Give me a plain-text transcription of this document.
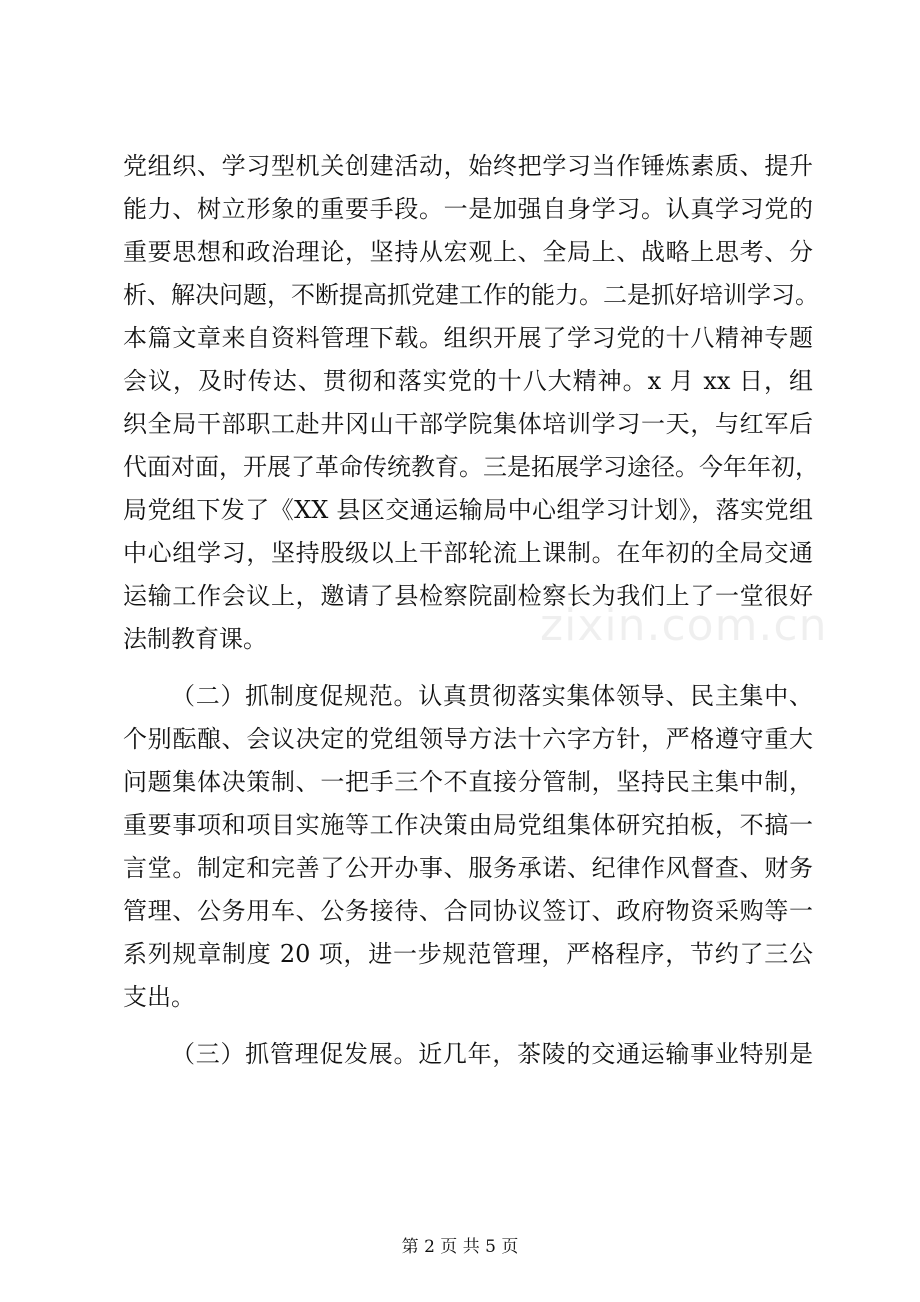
党组织、学习型机关创建活动，始终把学习当作锤炼素质、提升
能力、树立形象的重要手段。一是加强自身学习。认真学习党的
重要思想和政治理论，坚持从宏观上、全局上、战略上思考、分
析、解决问题，不断提高抓党建工作的能力。二是抓好培训学习。
本篇文章来自资料管理下载。组织开展了学习党的十八精神专题
会议，及时传达、贯彻和落实党的十八大精神。x 月 xx 日，组
织全局干部职工赴井冈山干部学院集体培训学习一天，与红军后
代面对面，开展了革命传统教育。三是拓展学习途径。今年年初，
局党组下发了《XX 县区交通运输局中心组学习计划》，落实党组
中心组学习，坚持股级以上干部轮流上课制。在年初的全局交通
运输工作会议上，邀请了县检察院副检察长为我们上了一堂很好
法制教育课。
（二）抓制度促规范。认真贯彻落实集体领导、民主集中、
个别酝酿、会议决定的党组领导方法十六字方针，严格遵守重大
问题集体决策制、一把手三个不直接分管制，坚持民主集中制，
重要事项和项目实施等工作决策由局党组集体研究拍板，不搞一
言堂。制定和完善了公开办事、服务承诺、纪律作风督查、财务
管理、公务用车、公务接待、合同协议签订、政府物资采购等一
系列规章制度 20 项，进一步规范管理，严格程序，节约了三公
支出。
（三）抓管理促发展。近几年，茶陵的交通运输事业特别是
zixin.com.cn
第 2 页 共 5 页
